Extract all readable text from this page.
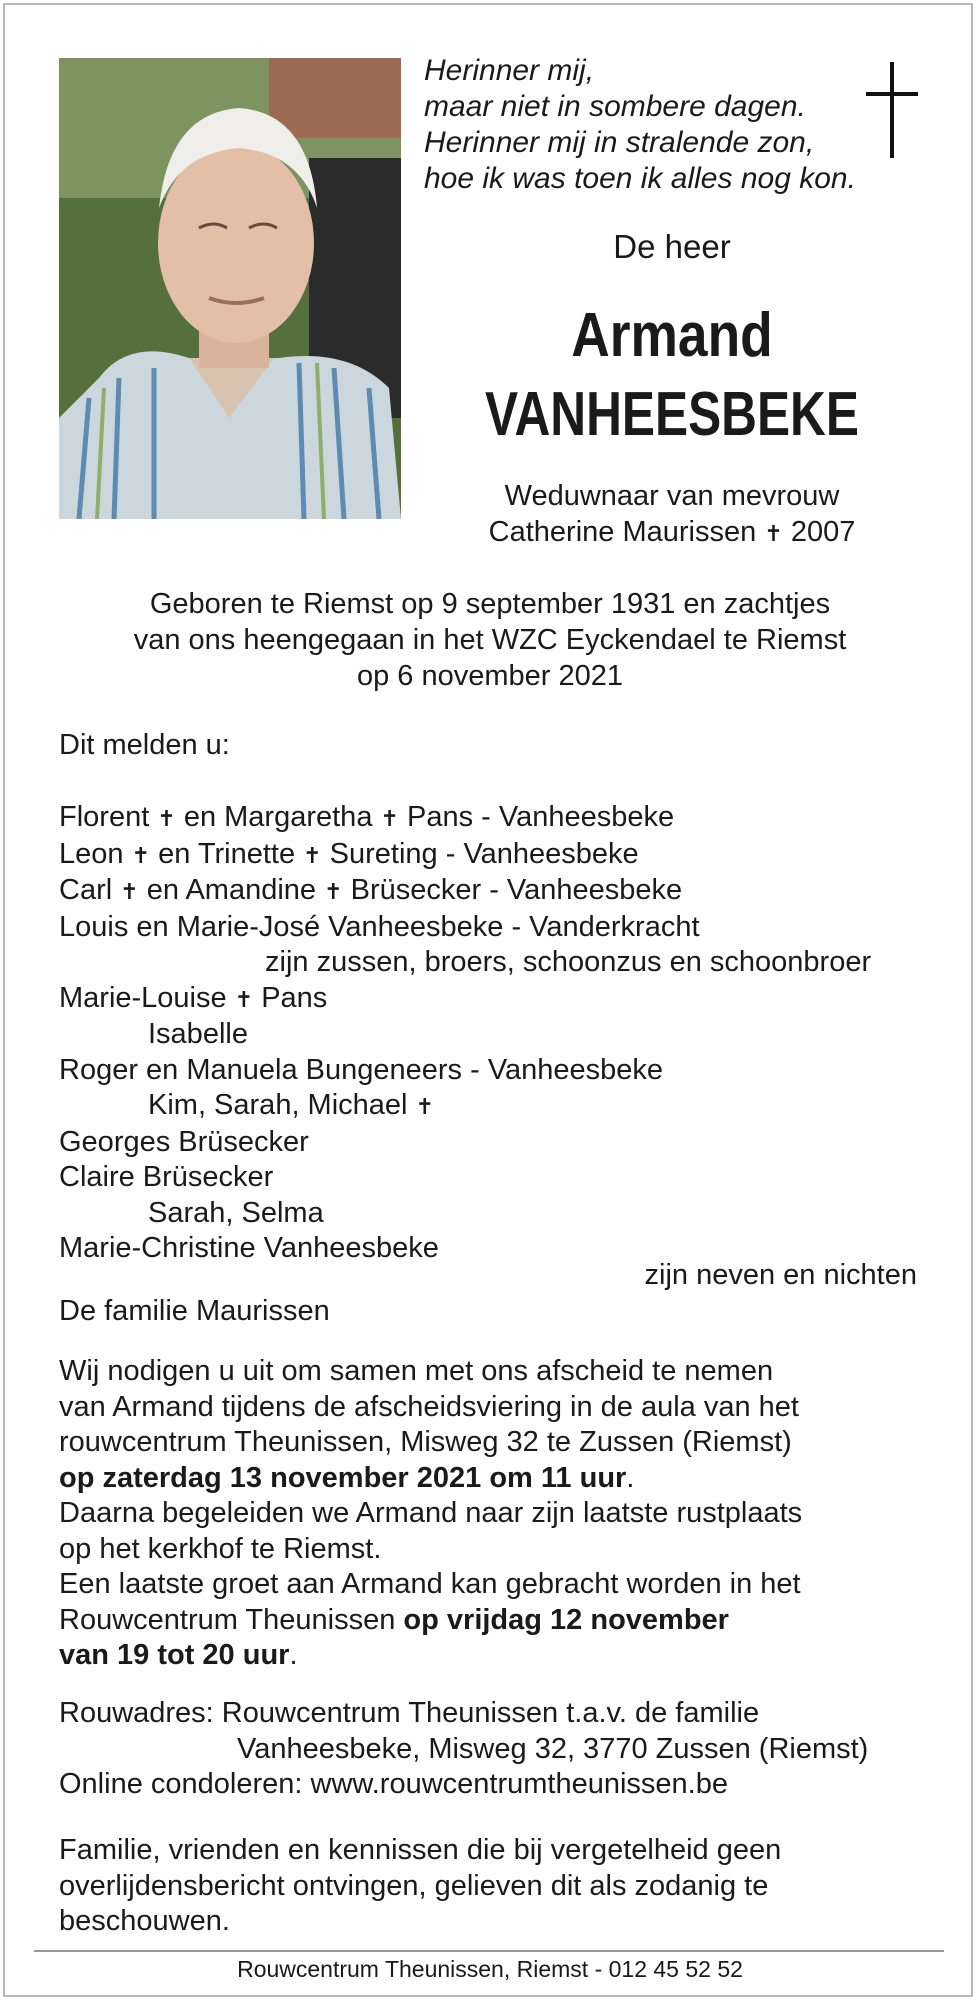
Herinner mij,
maar niet in sombere dagen.
Herinner mij in stralende zon,
hoe ik was toen ik alles nog kon.
De heer
Armand
VANHEESBEKE
Weduwnaar van mevrouw
Catherine Maurissen ✝ 2007
Geboren te Riemst op 9 september 1931 en zachtjes
van ons heengegaan in het WZC Eyckendael te Riemst
op 6 november 2021
Dit melden u:
Florent ✝ en Margaretha ✝ Pans - Vanheesbeke
Leon ✝ en Trinette ✝ Sureting - Vanheesbeke
Carl ✝ en Amandine ✝ Brüsecker - Vanheesbeke
Louis en Marie-José Vanheesbeke - Vanderkracht
zijn zussen, broers, schoonzus en schoonbroer
Marie-Louise ✝ Pans
Isabelle
Roger en Manuela Bungeneers - Vanheesbeke
Kim, Sarah, Michael ✝
Georges Brüsecker
Claire Brüsecker
Sarah, Selma
Marie-Christine Vanheesbeke
zijn neven en nichten
De familie Maurissen
Wij nodigen u uit om samen met ons afscheid te nemen
van Armand tijdens de afscheidsviering in de aula van het
rouwcentrum Theunissen, Misweg 32 te Zussen (Riemst)
op zaterdag 13 november 2021 om 11 uur.
Daarna begeleiden we Armand naar zijn laatste rustplaats
op het kerkhof te Riemst.
Een laatste groet aan Armand kan gebracht worden in het
Rouwcentrum Theunissen op vrijdag 12 november
van 19 tot 20 uur.
Rouwadres: Rouwcentrum Theunissen t.a.v. de familie
Vanheesbeke, Misweg 32, 3770 Zussen (Riemst)
Online condoleren: www.rouwcentrumtheunissen.be
Familie, vrienden en kennissen die bij vergetelheid geen
overlijdensbericht ontvingen, gelieven dit als zodanig te
beschouwen.
Rouwcentrum Theunissen, Riemst - 012 45 52 52
